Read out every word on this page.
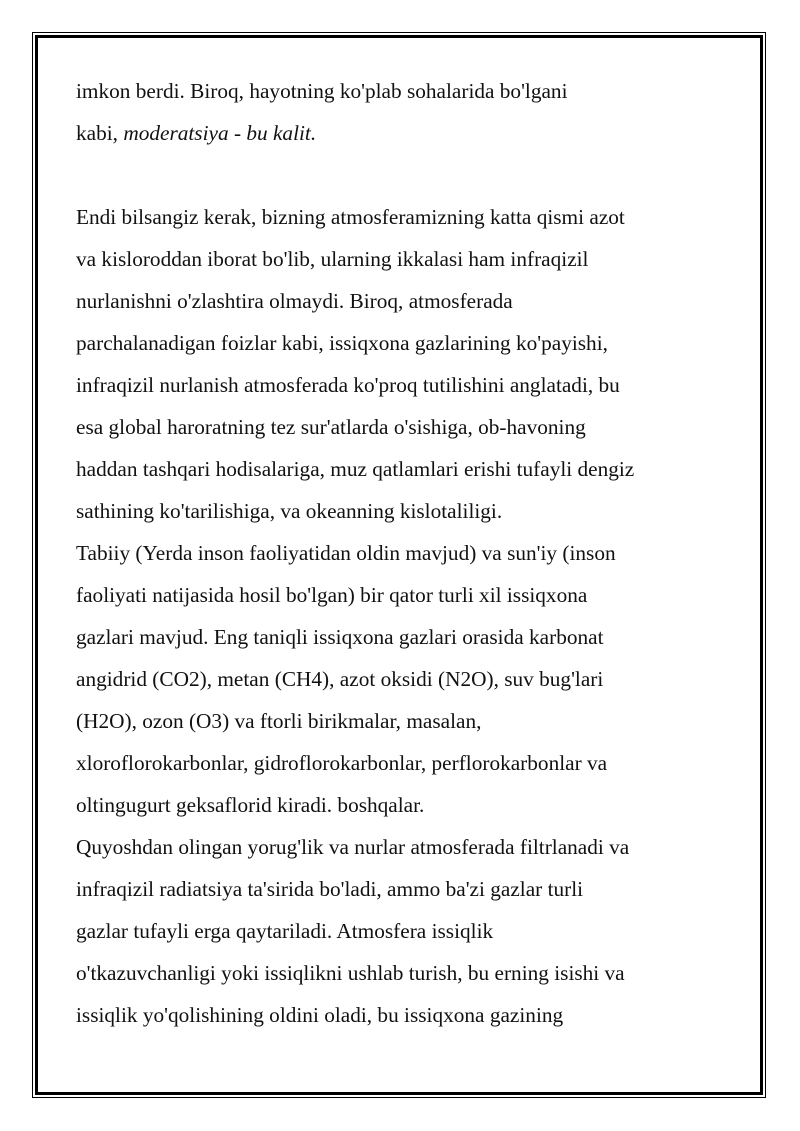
imkon berdi. Biroq, hayotning ko'plab sohalarida bo'lgani
kabi, moderatsiya - bu kalit.
Endi bilsangiz kerak, bizning atmosferamizning katta qismi azot
va kisloroddan iborat bo'lib, ularning ikkalasi ham infraqizil
nurlanishni o'zlashtira olmaydi. Biroq, atmosferada
parchalanadigan foizlar kabi, issiqxona gazlarining ko'payishi,
infraqizil nurlanish atmosferada ko'proq tutilishini anglatadi, bu
esa global haroratning tez sur'atlarda o'sishiga, ob-havoning
haddan tashqari hodisalariga, muz qatlamlari erishi tufayli dengiz
sathining ko'tarilishiga, va okeanning kislotaliligi.
Tabiiy (Yerda inson faoliyatidan oldin mavjud) va sun'iy (inson
faoliyati natijasida hosil bo'lgan) bir qator turli xil issiqxona
gazlari mavjud. Eng taniqli issiqxona gazlari orasida karbonat
angidrid (CO2), metan (CH4), azot oksidi (N2O), suv bug'lari
(H2O), ozon (O3) va ftorli birikmalar, masalan,
xloroflorokarbonlar, gidroflorokarbonlar, perflorokarbonlar va
oltingugurt geksaflorid kiradi. boshqalar.
Quyoshdan olingan yorug'lik va nurlar atmosferada filtrlanadi va
infraqizil radiatsiya ta'sirida bo'ladi, ammo ba'zi gazlar turli
gazlar tufayli erga qaytariladi. Atmosfera issiqlik
o'tkazuvchanligi yoki issiqlikni ushlab turish, bu erning isishi va
issiqlik yo'qolishining oldini oladi, bu issiqxona gazining
